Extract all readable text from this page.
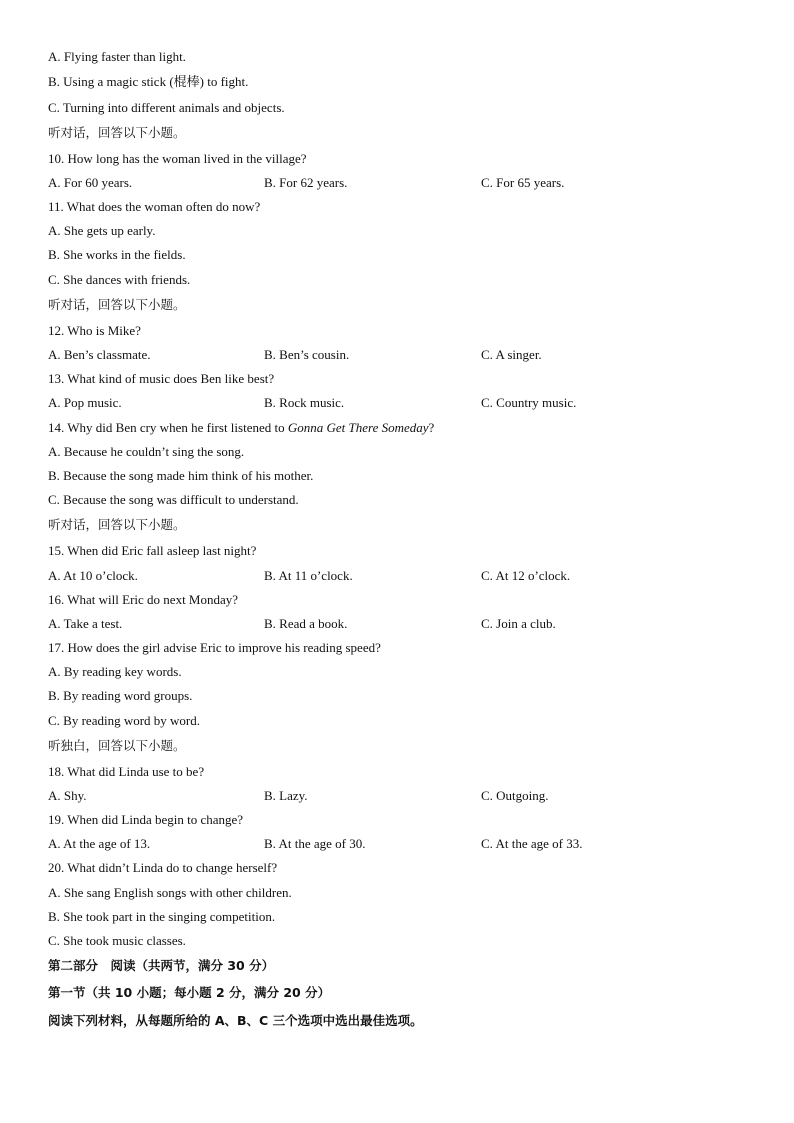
A. Flying faster than light.
B. Using a magic stick (棍棒) to fight.
C. Turning into different animals and objects.
听对话，回答以下小题。
10. How long has the woman lived in the village?
A. For 60 years.	B. For 62 years.	C. For 65 years.
11. What does the woman often do now?
A. She gets up early.
B. She works in the fields.
C. She dances with friends.
听对话，回答以下小题。
12. Who is Mike?
A. Ben’s classmate.	B. Ben’s cousin.	C. A singer.
13. What kind of music does Ben like best?
A. Pop music.	B. Rock music.	C. Country music.
14. Why did Ben cry when he first listened to Gonna Get There Someday?
A. Because he couldn’t sing the song.
B. Because the song made him think of his mother.
C. Because the song was difficult to understand.
听对话，回答以下小题。
15. When did Eric fall asleep last night?
A. At 10 o’clock.	B. At 11 o’clock.	C. At 12 o’clock.
16. What will Eric do next Monday?
A. Take a test.	B. Read a book.	C. Join a club.
17. How does the girl advise Eric to improve his reading speed?
A. By reading key words.
B. By reading word groups.
C. By reading word by word.
听独白，回答以下小题。
18. What did Linda use to be?
A. Shy.	B. Lazy.	C. Outgoing.
19. When did Linda begin to change?
A. At the age of 13.	B. At the age of 30.	C. At the age of 33.
20. What didn’t Linda do to change herself?
A. She sang English songs with other children.
B. She took part in the singing competition.
C. She took music classes.
第二部分　阅读（共两节，满分 30 分）
第一节（共 10 小题；每小题 2 分，满分 20 分）
阅读下列材料，从每题所给的 A、B、C 三个选项中选出最佳选项。
